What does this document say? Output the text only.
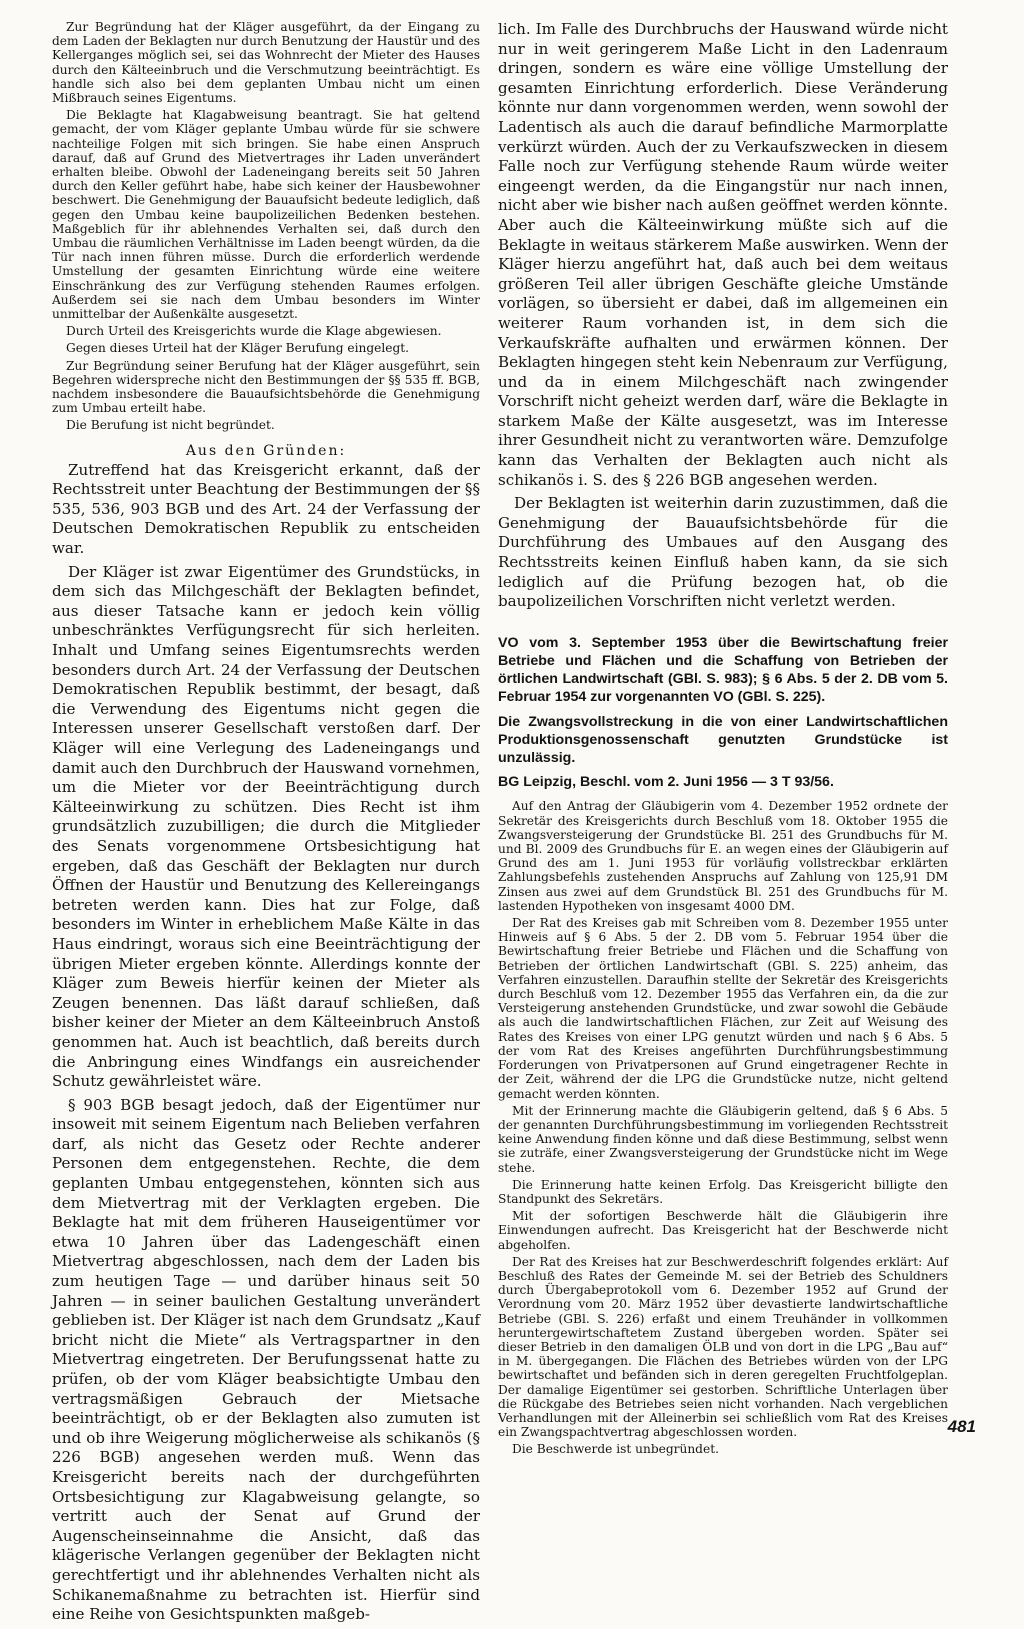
Zur Begründung hat der Kläger ausgeführt, da der Eingang zu dem Laden der Beklagten nur durch Benutzung der Haustür und des Kellerganges möglich sei, sei das Wohnrecht der Mieter des Hauses durch den Kälteeinbruch und die Verschmutzung beeinträchtigt. Es handle sich also bei dem geplanten Umbau nicht um einen Mißbrauch seines Eigentums.

Die Beklagte hat Klagabweisung beantragt. Sie hat geltend gemacht, der vom Kläger geplante Umbau würde für sie schwere nachteilige Folgen mit sich bringen. Sie habe einen Anspruch darauf, daß auf Grund des Mietvertrages ihr Laden unverändert erhalten bleibe. Obwohl der Ladeneingang bereits seit 50 Jahren durch den Keller geführt habe, habe sich keiner der Hausbewohner beschwert. Die Genehmigung der Bauaufsicht bedeute lediglich, daß gegen den Umbau keine baupolizeilichen Bedenken bestehen. Maßgeblich für ihr ablehnendes Verhalten sei, daß durch den Umbau die räumlichen Verhältnisse im Laden beengt würden, da die Tür nach innen führen müsse. Durch die erforderlich werdende Umstellung der gesamten Einrichtung würde eine weitere Einschränkung des zur Verfügung stehenden Raumes erfolgen. Außerdem sei sie nach dem Umbau besonders im Winter unmittelbar der Außenkälte ausgesetzt.

Durch Urteil des Kreisgerichts wurde die Klage abgewiesen.

Gegen dieses Urteil hat der Kläger Berufung eingelegt.

Zur Begründung seiner Berufung hat der Kläger ausgeführt, sein Begehren widerspreche nicht den Bestimmungen der §§ 535 ff. BGB, nachdem insbesondere die Bauaufsichtsbehörde die Genehmigung zum Umbau erteilt habe.

Die Berufung ist nicht begründet.

Aus den Gründen:

Zutreffend hat das Kreisgericht erkannt, daß der Rechtsstreit unter Beachtung der Bestimmungen der §§ 535, 536, 903 BGB und des Art. 24 der Verfassung der Deutschen Demokratischen Republik zu entscheiden war.

Der Kläger ist zwar Eigentümer des Grundstücks, in dem sich das Milchgeschäft der Beklagten befindet, aus dieser Tatsache kann er jedoch kein völlig unbeschränktes Verfügungsrecht für sich herleiten. Inhalt und Umfang seines Eigentumsrechts werden besonders durch Art. 24 der Verfassung der Deutschen Demokratischen Republik bestimmt, der besagt, daß die Verwendung des Eigentums nicht gegen die Interessen unserer Gesellschaft verstoßen darf. Der Kläger will eine Verlegung des Ladeneingangs und damit auch den Durchbruch der Hauswand vornehmen, um die Mieter vor der Beeinträchtigung durch Kälteeinwirkung zu schützen. Dies Recht ist ihm grundsätzlich zuzubilligen; die durch die Mitglieder des Senats vorgenommene Ortsbesichtigung hat ergeben, daß das Geschäft der Beklagten nur durch Öffnen der Haustür und Benutzung des Kellereingangs betreten werden kann. Dies hat zur Folge, daß besonders im Winter in erheblichem Maße Kälte in das Haus eindringt, woraus sich eine Beeinträchtigung der übrigen Mieter ergeben könnte. Allerdings konnte der Kläger zum Beweis hierfür keinen der Mieter als Zeugen benennen. Das läßt darauf schließen, daß bisher keiner der Mieter an dem Kälteeinbruch Anstoß genommen hat. Auch ist beachtlich, daß bereits durch die Anbringung eines Windfangs ein ausreichender Schutz gewährleistet wäre.

§ 903 BGB besagt jedoch, daß der Eigentümer nur insoweit mit seinem Eigentum nach Belieben verfahren darf, als nicht das Gesetz oder Rechte anderer Personen dem entgegenstehen. Rechte, die dem geplanten Umbau entgegenstehen, könnten sich aus dem Mietvertrag mit der Verklagten ergeben. Die Beklagte hat mit dem früheren Hauseigentümer vor etwa 10 Jahren über das Ladengeschäft einen Mietvertrag abgeschlossen, nach dem der Laden bis zum heutigen Tage — und darüber hinaus seit 50 Jahren — in seiner baulichen Gestaltung unverändert geblieben ist. Der Kläger ist nach dem Grundsatz „Kauf bricht nicht die Miete“ als Vertragspartner in den Mietvertrag eingetreten. Der Berufungssenat hatte zu prüfen, ob der vom Kläger beabsichtigte Umbau den vertragsmäßigen Gebrauch der Mietsache beeinträchtigt, ob er der Beklagten also zumuten ist und ob ihre Weigerung möglicherweise als schikanös (§ 226 BGB) angesehen werden muß. Wenn das Kreisgericht bereits nach der durchgeführten Ortsbesichtigung zur Klagabweisung gelangte, so vertritt auch der Senat auf Grund der Augenscheinseinnahme die Ansicht, daß das klägerische Verlangen gegenüber der Beklagten nicht gerechtfertigt und ihr ablehnendes Verhalten nicht als Schikanemaßnahme zu betrachten ist. Hierfür sind eine Reihe von Gesichtspunkten maßgeb-

lich. Im Falle des Durchbruchs der Hauswand würde nicht nur in weit geringerem Maße Licht in den Ladenraum dringen, sondern es wäre eine völlige Umstellung der gesamten Einrichtung erforderlich. Diese Veränderung könnte nur dann vorgenommen werden, wenn sowohl der Ladentisch als auch die darauf befindliche Marmorplatte verkürzt würden. Auch der zu Verkaufszwecken in diesem Falle noch zur Verfügung stehende Raum würde weiter eingeengt werden, da die Eingangstür nur nach innen, nicht aber wie bisher nach außen geöffnet werden könnte. Aber auch die Kälteeinwirkung müßte sich auf die Beklagte in weitaus stärkerem Maße auswirken. Wenn der Kläger hierzu angeführt hat, daß auch bei dem weitaus größeren Teil aller übrigen Geschäfte gleiche Umstände vorlägen, so übersieht er dabei, daß im allgemeinen ein weiterer Raum vorhanden ist, in dem sich die Verkaufskräfte aufhalten und erwärmen können. Der Beklagten hingegen steht kein Nebenraum zur Verfügung, und da in einem Milchgeschäft nach zwingender Vorschrift nicht geheizt werden darf, wäre die Beklagte in starkem Maße der Kälte ausgesetzt, was im Interesse ihrer Gesundheit nicht zu verantworten wäre. Demzufolge kann das Verhalten der Beklagten auch nicht als schikanös i. S. des § 226 BGB angesehen werden.

Der Beklagten ist weiterhin darin zuzustimmen, daß die Genehmigung der Bauaufsichtsbehörde für die Durchführung des Umbaues auf den Ausgang des Rechtsstreits keinen Einfluß haben kann, da sie sich lediglich auf die Prüfung bezogen hat, ob die baupolizeilichen Vorschriften nicht verletzt werden.

VO vom 3. September 1953 über die Bewirtschaftung freier Betriebe und Flächen und die Schaffung von Betrieben der örtlichen Landwirtschaft (GBl. S. 983); § 6 Abs. 5 der 2. DB vom 5. Februar 1954 zur vorgenannten VO (GBl. S. 225).

Die Zwangsvollstreckung in die von einer Landwirtschaftlichen Produktionsgenossenschaft genutzten Grundstücke ist unzulässig.

BG Leipzig, Beschl. vom 2. Juni 1956 — 3 T 93/56.

Auf den Antrag der Gläubigerin vom 4. Dezember 1952 ordnete der Sekretär des Kreisgerichts durch Beschluß vom 18. Oktober 1955 die Zwangsversteigerung der Grundstücke Bl. 251 des Grundbuchs für M. und Bl. 2009 des Grundbuchs für E. an wegen eines der Gläubigerin auf Grund des am 1. Juni 1953 für vorläufig vollstreckbar erklärten Zahlungsbefehls zustehenden Anspruchs auf Zahlung von 125,91 DM Zinsen aus zwei auf dem Grundstück Bl. 251 des Grundbuchs für M. lastenden Hypotheken von insgesamt 4000 DM.

Der Rat des Kreises gab mit Schreiben vom 8. Dezember 1955 unter Hinweis auf § 6 Abs. 5 der 2. DB vom 5. Februar 1954 über die Bewirtschaftung freier Betriebe und Flächen und die Schaffung von Betrieben der örtlichen Landwirtschaft (GBl. S. 225) anheim, das Verfahren einzustellen. Daraufhin stellte der Sekretär des Kreisgerichts durch Beschluß vom 12. Dezember 1955 das Verfahren ein, da die zur Versteigerung anstehenden Grundstücke, und zwar sowohl die Gebäude als auch die landwirtschaftlichen Flächen, zur Zeit auf Weisung des Rates des Kreises von einer LPG genutzt würden und nach § 6 Abs. 5 der vom Rat des Kreises angeführten Durchführungsbestimmung Forderungen von Privatpersonen auf Grund eingetragener Rechte in der Zeit, während der die LPG die Grundstücke nutze, nicht geltend gemacht werden könnten.

Mit der Erinnerung machte die Gläubigerin geltend, daß § 6 Abs. 5 der genannten Durchführungsbestimmung im vorliegenden Rechtsstreit keine Anwendung finden könne und daß diese Bestimmung, selbst wenn sie zuträfe, einer Zwangsversteigerung der Grundstücke nicht im Wege stehe.

Die Erinnerung hatte keinen Erfolg. Das Kreisgericht billigte den Standpunkt des Sekretärs.

Mit der sofortigen Beschwerde hält die Gläubigerin ihre Einwendungen aufrecht. Das Kreisgericht hat der Beschwerde nicht abgeholfen.

Der Rat des Kreises hat zur Beschwerdeschrift folgendes erklärt: Auf Beschluß des Rates der Gemeinde M. sei der Betrieb des Schuldners durch Übergabeprotokoll vom 6. Dezember 1952 auf Grund der Verordnung vom 20. März 1952 über devastierte landwirtschaftliche Betriebe (GBl. S. 226) erfaßt und einem Treuhänder in vollkommen heruntergewirtschaftetem Zustand übergeben worden. Später sei dieser Betrieb in den damaligen ÖLB und von dort in die LPG „Bau auf“ in M. übergegangen. Die Flächen des Betriebes würden von der LPG bewirtschaftet und befänden sich in deren geregelten Fruchtfolgeplan. Der damalige Eigentümer sei gestorben. Schriftliche Unterlagen über die Rückgabe des Betriebes seien nicht vorhanden. Nach vergeblichen Verhandlungen mit der Alleinerbin sei schließlich vom Rat des Kreises ein Zwangspachtvertrag abgeschlossen worden.

Die Beschwerde ist unbegründet.

481
